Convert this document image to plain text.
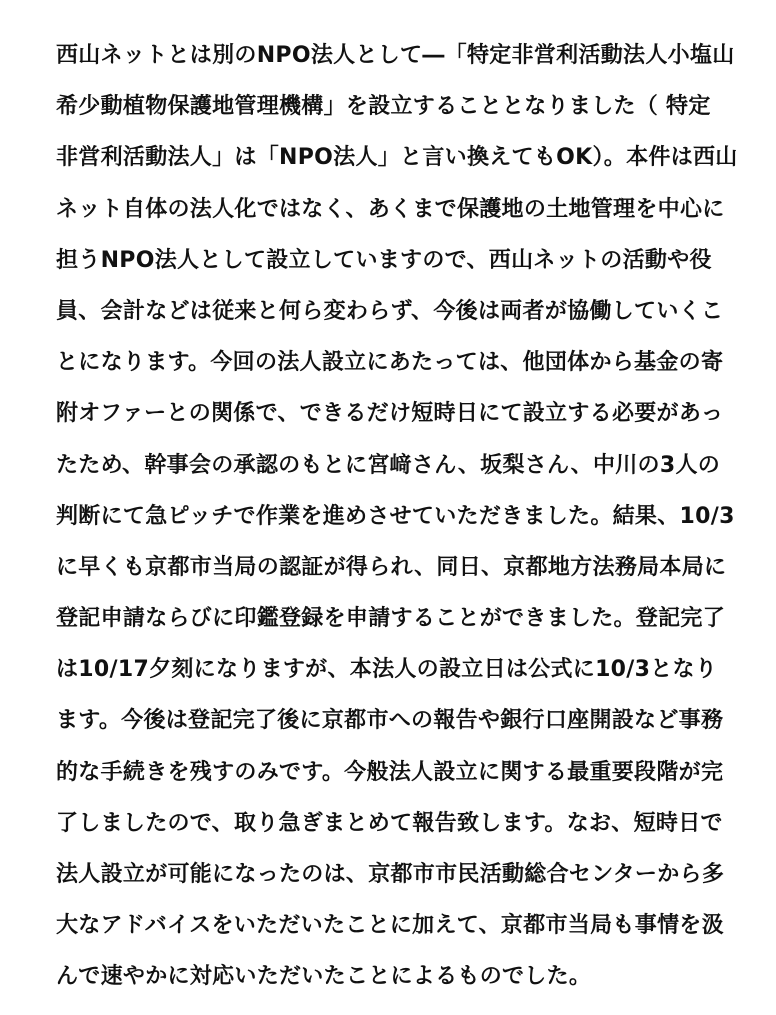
西山ネットとは別のNPO法人として―「特定非営利活動法人小塩山
希少動植物保護地管理機構」を設立することとなりました（ 特定
非営利活動法人」は「NPO法人」と言い換えてもOK）。本件は西山
ネット自体の法人化ではなく、あくまで保護地の土地管理を中心に
担うNPO法人として設立していますので、西山ネットの活動や役
員、会計などは従来と何ら変わらず、今後は両者が協働していくこ
とになります。今回の法人設立にあたっては、他団体から基金の寄
附オファーとの関係で、できるだけ短時日にて設立する必要があっ
たため、幹事会の承認のもとに宮﨑さん、坂梨さん、中川の3人の
判断にて急ピッチで作業を進めさせていただきました。結果、10/3
に早くも京都市当局の認証が得られ、同日、京都地方法務局本局に
登記申請ならびに印鑑登録を申請することができました。登記完了
は10/17夕刻になりますが、本法人の設立日は公式に10/3となり
ます。今後は登記完了後に京都市への報告や銀行口座開設など事務
的な手続きを残すのみです。今般法人設立に関する最重要段階が完
了しましたので、取り急ぎまとめて報告致します。なお、短時日で
法人設立が可能になったのは、京都市市民活動総合センターから多
大なアドバイスをいただいたことに加えて、京都市当局も事情を汲
んで速やかに対応いただいたことによるものでした。
